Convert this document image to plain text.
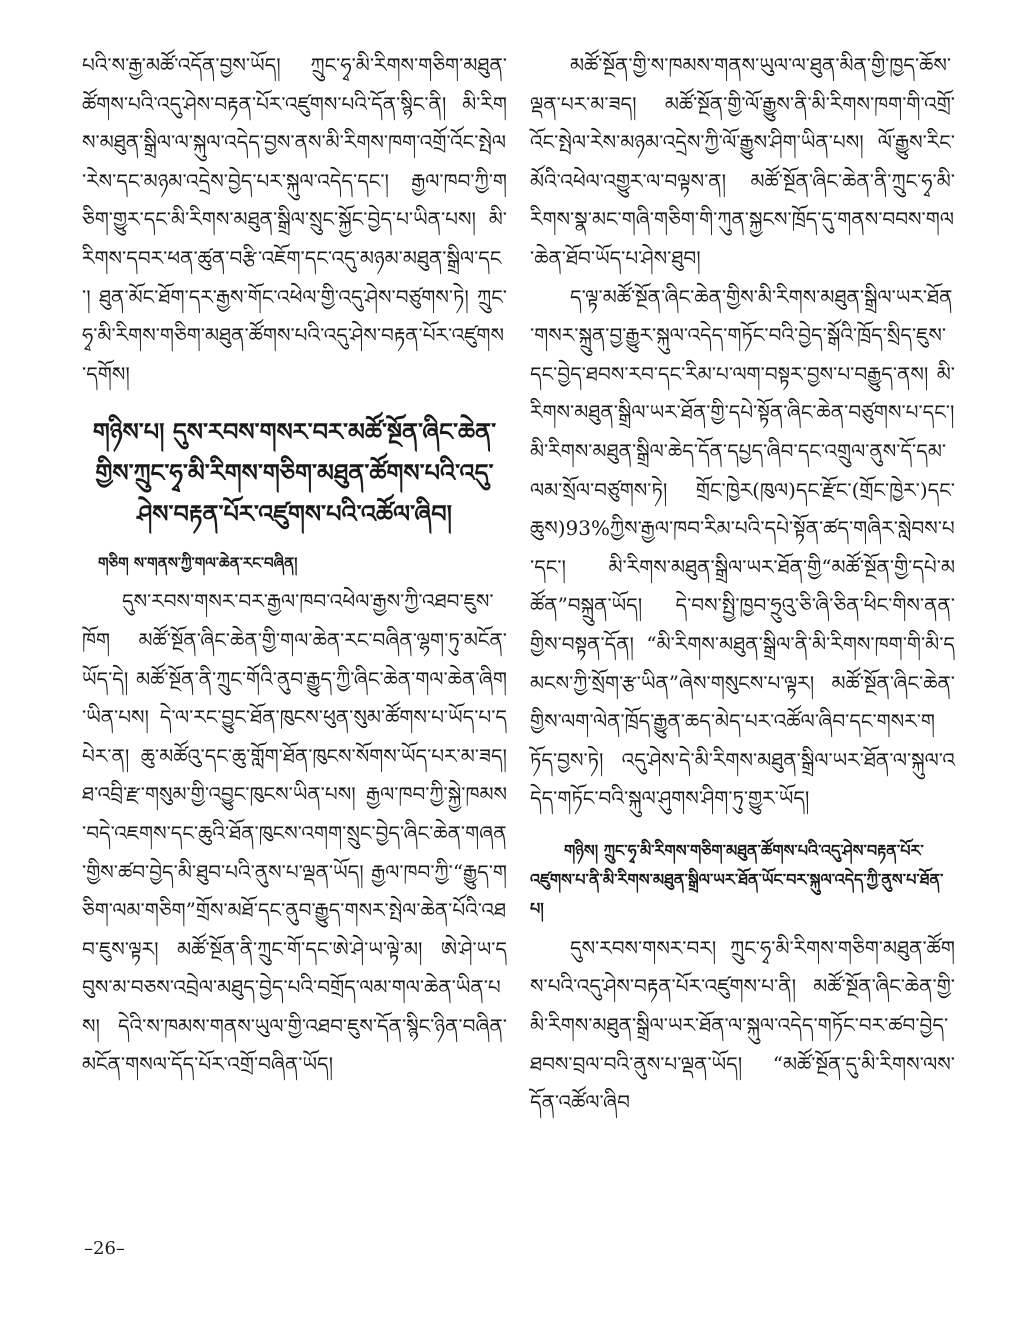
པའི་ས་རྒྱ་མཚོ་འདོན་བྱས་ཡོད། ཀྲུང་ཧྭ་མི་རིགས་གཅིག་མཐུན་ཚོགས་པའི་འདུ་ཤེས་བརྟན་པོར་འཛུགས་པའི་དོན་སྙིང་ནི། མི་རིགས་མཐུན་སྒྲིལ་ལ་སྐུལ་འདེད་བྱས་ནས་མི་རིགས་ཁག་འགྲོ་འོང་སྤེལ་རེས་དང་མཉམ་འདྲེས་བྱེད་པར་སྐུལ་འདེད་དང་། རྒྱལ་ཁབ་ཀྱི་གཅིག་གྱུར་དང་མི་རིགས་མཐུན་སྒྲིལ་སྲུང་སྐྱོང་བྱེད་པ་ཡིན་པས། མི་རིགས་དབར་ཕན་ཚུན་བརྩི་འཇོག་དང་འདུ་མཉམ་མཐུན་སྒྲིལ་དང་། ཐུན་མོང་ཐོག་དར་རྒྱས་གོང་འཕེལ་གྱི་འདུ་ཤེས་བཙུགས་ཏེ། ཀྲུང་ཧྭ་མི་རིགས་གཅིག་མཐུན་ཚོགས་པའི་འདུ་ཤེས་བརྟན་པོར་འཛུགས་དགོས།

གཉིས་པ། དུས་རབས་གསར་བར་མཚོ་སྔོན་ཞིང་ཆེན་གྱིས་ཀྲུང་ཧྭ་མི་རིགས་གཅིག་མཐུན་ཚོགས་པའི་འདུ་ཤེས་བརྟན་པོར་འཛུགས་པའི་འཚོལ་ཞིབ།
གཅིག ས་གནས་ཀྱི་གལ་ཆེན་རང་བཞིན།

དུས་རབས་གསར་བར་རྒྱལ་ཁབ་འཕེལ་རྒྱས་ཀྱི་འཐབ་ཇུས་ཁོག མཚོ་སྔོན་ཞིང་ཆེན་གྱི་གལ་ཆེན་རང་བཞིན་ལྷག་ཏུ་མངོན་ཡོད་དེ། མཚོ་སྔོན་ནི་ཀྲུང་གོའི་ནུབ་རྒྱུད་ཀྱི་ཞིང་ཆེན་གལ་ཆེན་ཞིག་ཡིན་པས། དེ་ལ་རང་བྱུང་ཐོན་ཁུངས་ཕུན་སུམ་ཚོགས་པ་ཡོད་པ་དཔེར་ན། ཆུ་མཚོའུ་དང་ཆུ་གློག་ཐོན་ཁུངས་སོགས་ཡོད་པར་མ་ཟད། ཐ་འབྲི་རྫ་གསུམ་གྱི་འབྱུང་ཁུངས་ཡིན་པས། རྒྱལ་ཁབ་ཀྱི་སྐྱེ་ཁམས་བདེ་འཇགས་དང་ཆུའི་ཐོན་ཁུངས་འགག་སྲུང་བྱེད་ཞིང་ཆེན་གཞན་གྱིས་ཚབ་བྱེད་མི་ཐུབ་པའི་ནུས་པ་ལྡན་ཡོད། རྒྱལ་ཁབ་ཀྱི་“རྒྱུད་གཅིག་ལམ་གཅིག”གྲོས་མཐོ་དང་ནུབ་རྒྱུད་གསར་སྤེལ་ཆེན་པོའི་འཐབ་ཇུས་ལྟར། མཚོ་སྔོན་ནི་ཀྲུང་གོ་དང་ཨེ་ཤེ་ཡ་ལྟེ་མ། ཨེ་ཤེ་ཡ་དབུས་མ་བཅས་འབྲེལ་མཐུད་བྱེད་པའི་བགྲོད་ལམ་གལ་ཆེན་ཡིན་པས། དེའི་ས་ཁམས་གནས་ཡུལ་གྱི་འཐབ་ཇུས་དོན་སྙིང་ཉིན་བཞིན་མངོན་གསལ་དོད་པོར་འགྲོ་བཞིན་ཡོད།

མཚོ་སྔོན་གྱི་ས་ཁམས་གནས་ཡུལ་ལ་ཐུན་མིན་གྱི་ཁྱད་ཆོས་ལྡན་པར་མ་ཟད། མཚོ་སྔོན་གྱི་ལོ་རྒྱུས་ནི་མི་རིགས་ཁག་གི་འགྲོ་འོང་སྤེལ་རེས་མཉམ་འདྲེས་ཀྱི་ལོ་རྒྱུས་ཤིག་ཡིན་པས། ལོ་རྒྱུས་རིང་མོའི་འཕེལ་འགྱུར་ལ་བལྟས་ན། མཚོ་སྔོན་ཞིང་ཆེན་ནི་ཀྲུང་ཧྭ་མི་རིགས་སྣ་མང་གཞི་གཅིག་གི་ཀུན་སྐྱངས་ཁྲོད་དུ་གནས་བབས་གལ་ཆེན་ཐོབ་ཡོད་པ་ཤེས་ཐུབ།

ད་ལྟ་མཚོ་སྔོན་ཞིང་ཆེན་གྱིས་མི་རིགས་མཐུན་སྒྲིལ་ཡར་ཐོན་གསར་སྐྲུན་བྱ་རྒྱུར་སྐུལ་འདེད་གཏོང་བའི་བྱེད་སྒོའི་ཁྲོད་སྲིད་ཇུས་དང་བྱེད་ཐབས་རབ་དང་རིམ་པ་ལག་བསྟར་བྱས་པ་བརྒྱུད་ནས། མི་རིགས་མཐུན་སྒྲིལ་ཡར་ཐོན་གྱི་དཔེ་སྟོན་ཞིང་ཆེན་བཙུགས་པ་དང་། མི་རིགས་མཐུན་སྒྲིལ་ཆེད་དོན་དཔྱད་ཞིབ་དང་འགྲུལ་ནུས་དོ་དམ་ལམ་སྲོལ་བཙུགས་ཏེ། གྲོང་ཁྱེར(ཁུལ)དང་རྫོང་(གྲོང་ཁྱེར་)དང་ཆུས)93%ཀྱིས་རྒྱལ་ཁབ་རིམ་པའི་དཔེ་སྟོན་ཚད་གཞིར་སླེབས་པ་དང་། མི་རིགས་མཐུན་སྒྲིལ་ཡར་ཐོན་གྱི“མཚོ་སྔོན་གྱི་དཔེ་མཚོན”བསྐྲུན་ཡོད། དེ་བས་སྤྱི་ཁྱབ་ཧྲུའུ་ཅི་ཞི་ཅིན་ཕིང་གིས་ནན་གྱིས་བསྟན་དོན། “མི་རིགས་མཐུན་སྒྲིལ་ནི་མི་རིགས་ཁག་གི་མི་དམངས་ཀྱི་སྲོག་རྩ་ཡིན”ཞེས་གསུངས་པ་ལྟར། མཚོ་སྔོན་ཞིང་ཆེན་གྱིས་ལག་ལེན་ཁྲོད་རྒྱུན་ཆད་མེད་པར་འཚོལ་ཞིབ་དང་གསར་གཏོད་བྱས་ཏེ། འདུ་ཤེས་དེ་མི་རིགས་མཐུན་སྒྲིལ་ཡར་ཐོན་ལ་སྐུལ་འདེད་གཏོང་བའི་སྐུལ་ཤུགས་ཤིག་ཏུ་གྱུར་ཡོད།

གཉིས། ཀྲུང་ཧྭ་མི་རིགས་གཅིག་མཐུན་ཚོགས་པའི་འདུ་ཤེས་བརྟན་པོར་འཛུགས་པ་ནི་མི་རིགས་མཐུན་སྒྲིལ་ཡར་ཐོན་ཡོང་བར་སྐུལ་འདེད་ཀྱི་ནུས་པ་ཐོན་པ།

དུས་རབས་གསར་བར། ཀྲུང་ཧྭ་མི་རིགས་གཅིག་མཐུན་ཚོགས་པའི་འདུ་ཤེས་བརྟན་པོར་འཛུགས་པ་ནི། མཚོ་སྔོན་ཞིང་ཆེན་གྱི་མི་རིགས་མཐུན་སྒྲིལ་ཡར་ཐོན་ལ་སྐུལ་འདེད་གཏོང་བར་ཚབ་བྱེད་ཐབས་བྲལ་བའི་ནུས་པ་ལྡན་ཡོད། “མཚོ་སྔོན་དུ་མི་རིགས་ལས་དོན་འཚོལ་ཞིབ

–26–
